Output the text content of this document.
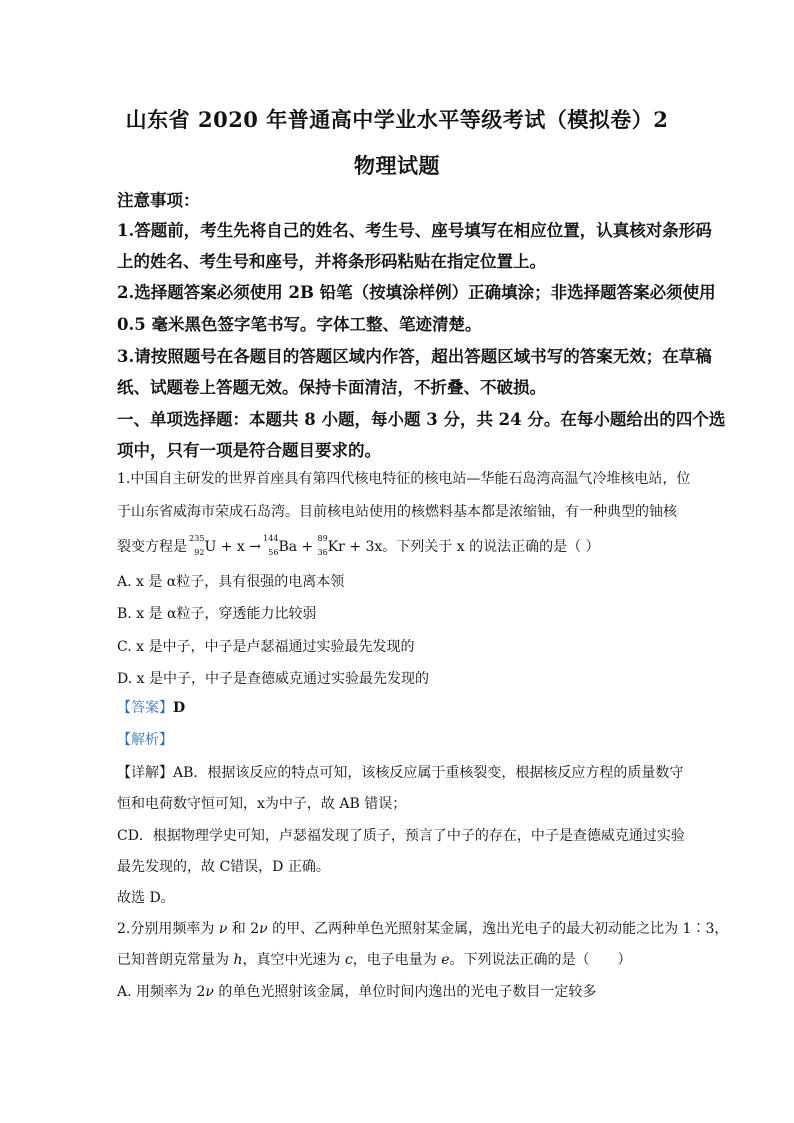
山东省 2020 年普通高中学业水平等级考试（模拟卷）2
物理试题
注意事项：
1.答题前，考生先将自己的姓名、考生号、座号填写在相应位置，认真核对条形码
上的姓名、考生号和座号，并将条形码粘贴在指定位置上。
2.选择题答案必须使用 2B 铅笔（按填涂样例）正确填涂；非选择题答案必须使用
0.5 毫米黑色签字笔书写。字体工整、笔迹清楚。
3.请按照题号在各题目的答题区域内作答，超出答题区域书写的答案无效；在草稿
纸、试题卷上答题无效。保持卡面清洁，不折叠、不破损。
一、单项选择题：本题共 8 小题，每小题 3 分，共 24 分。在每小题给出的四个选
项中，只有一项是符合题目要求的。
1.中国自主研发的世界首座具有第四代核电特征的核电站—华能石岛湾高温气冷堆核电站，位
于山东省威海市荣成石岛湾。目前核电站使用的核燃料基本都是浓缩铀，有一种典型的铀核
裂变方程是
235
92 U + x →
144
56 Ba +
89
36 Kr + 3x。下列关于 x 的说法正确的是（ ）
A. x 是 α粒子，具有很强的电离本领
B. x 是 α粒子，穿透能力比较弱
C. x 是中子，中子是卢瑟福通过实验最先发现的
D. x 是中子，中子是查德威克通过实验最先发现的
【答案】D
【解析】
【详解】AB．根据该反应的特点可知，该核反应属于重核裂变，根据核反应方程的质量数守
恒和电荷数守恒可知，x为中子，故 AB 错误；
CD．根据物理学史可知，卢瑟福发现了质子，预言了中子的存在，中子是查德威克通过实验
最先发现的，故 C错误，D 正确。
故选 D。
2.分别用频率为 ν 和 2ν 的甲、乙两种单色光照射某金属，逸出光电子的最大初动能之比为 1∶3，
已知普朗克常量为 h，真空中光速为 c，电子电量为 e。下列说法正确的是（　　）
A. 用频率为 2ν 的单色光照射该金属，单位时间内逸出的光电子数目一定较多
